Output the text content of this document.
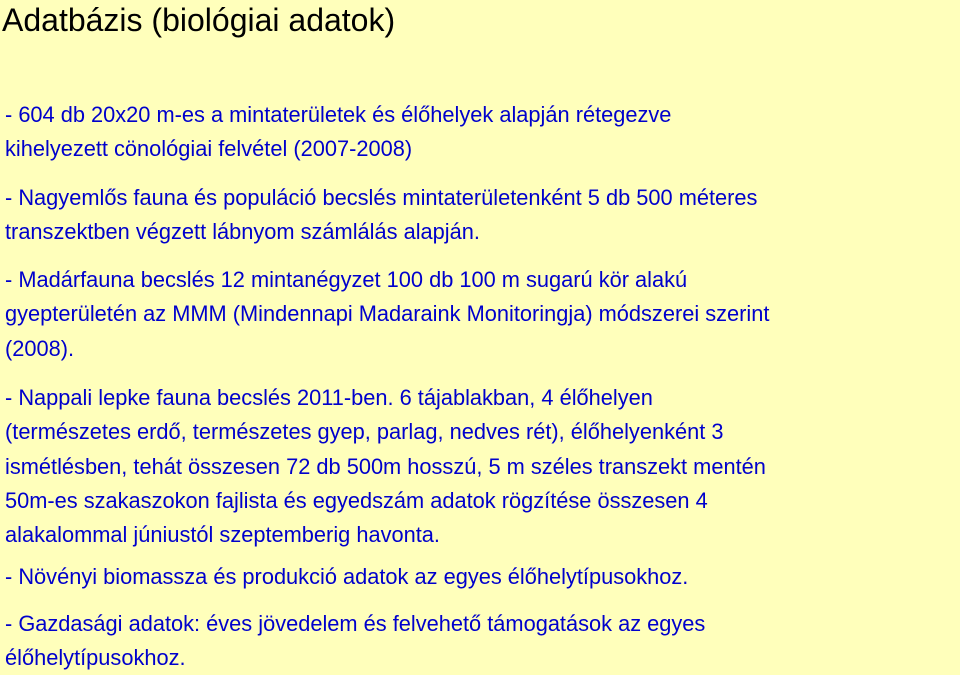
Adatbázis (biológiai adatok)
- 604 db 20x20 m-es a mintaterületek és élőhelyek alapján rétegezve
kihelyezett cönológiai felvétel (2007-2008)
- Nagyemlős fauna és populáció becslés mintaterületenként 5 db 500 méteres
transzektben végzett lábnyom számlálás alapján.
- Madárfauna becslés 12 mintanégyzet 100 db 100 m sugarú kör alakú
gyepterületén az MMM (Mindennapi Madaraink Monitoringja) módszerei szerint
(2008).
- Nappali lepke fauna becslés 2011-ben. 6 tájablakban, 4 élőhelyen
(természetes erdő, természetes gyep, parlag, nedves rét), élőhelyenként 3
ismétlésben, tehát összesen 72 db 500m hosszú, 5 m széles transzekt mentén
50m-es szakaszokon fajlista és egyedszám adatok rögzítése összesen 4
alakalommal júniustól szeptemberig havonta.
- Növényi biomassza és produkció adatok az egyes élőhelytípusokhoz.
- Gazdasági adatok: éves jövedelem és felvehető támogatások az egyes
élőhelytípusokhoz.
